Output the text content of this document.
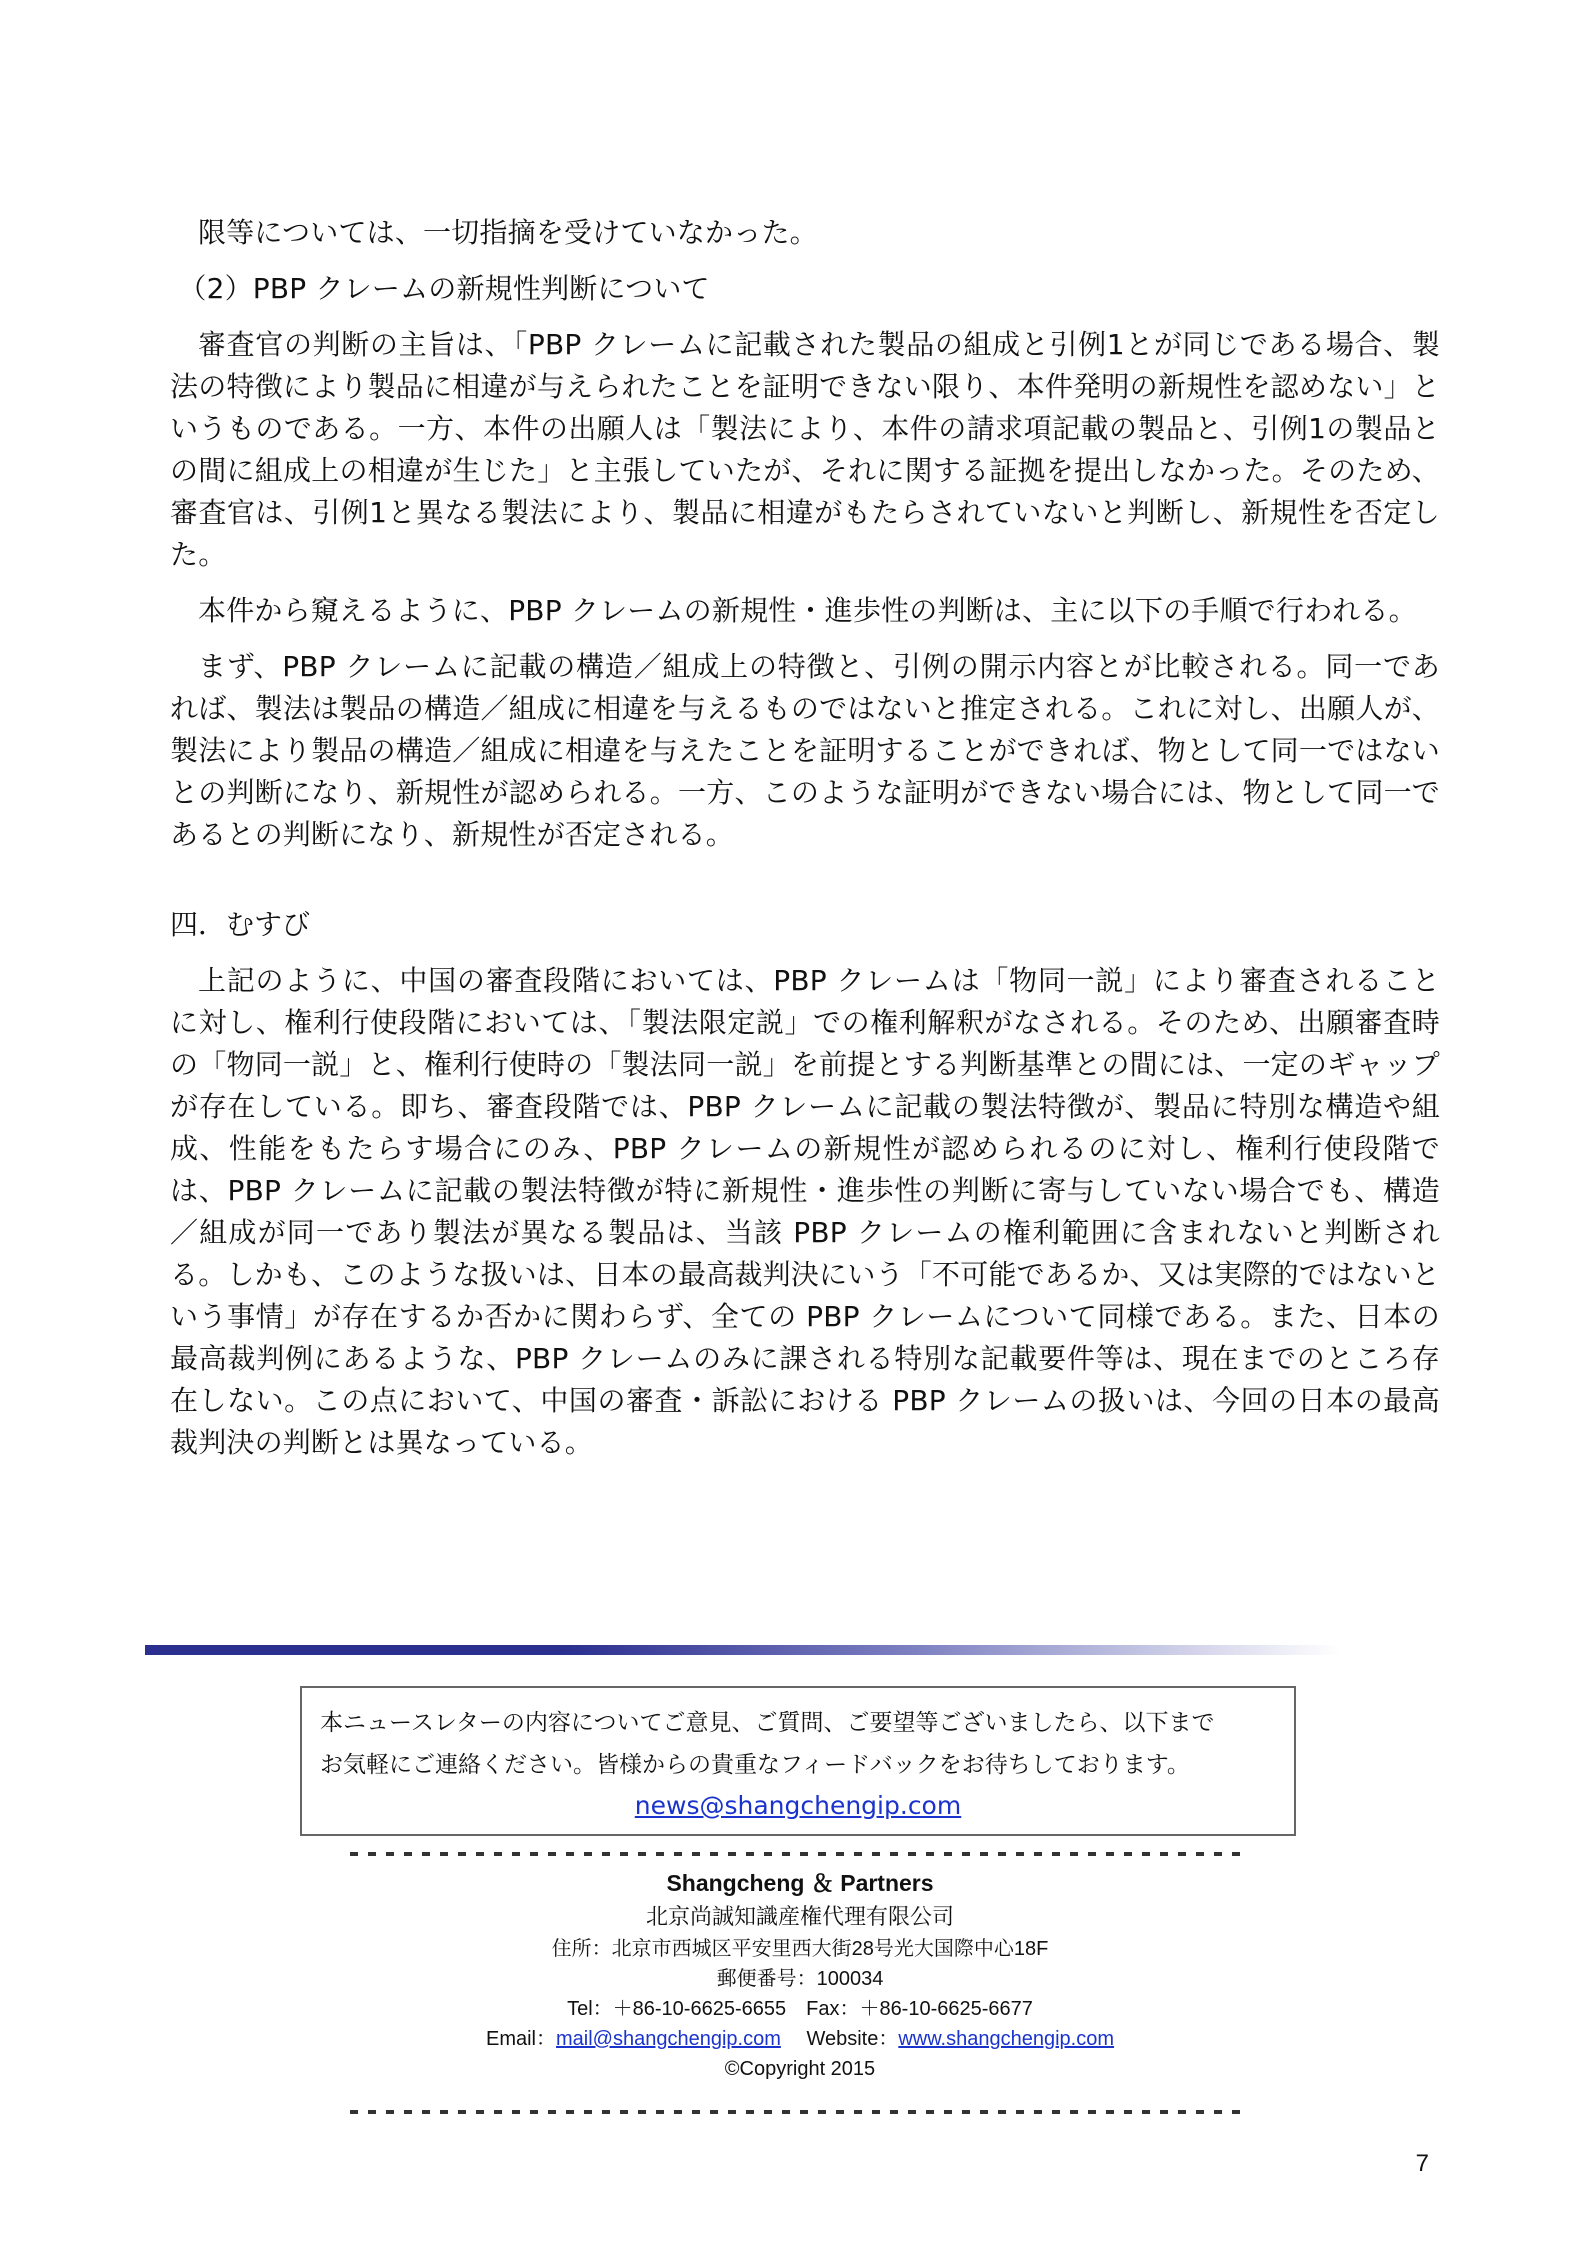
限等については、一切指摘を受けていなかった。

（2）PBP クレームの新規性判断について

審査官の判断の主旨は、「PBP クレームに記載された製品の組成と引例1とが同じである場合、製法の特徴により製品に相違が与えられたことを証明できない限り、本件発明の新規性を認めない」というものである。一方、本件の出願人は「製法により、本件の請求項記載の製品と、引例1の製品との間に組成上の相違が生じた」と主張していたが、それに関する証拠を提出しなかった。そのため、審査官は、引例1と異なる製法により、製品に相違がもたらされていないと判断し、新規性を否定した。

本件から窺えるように、PBP クレームの新規性・進歩性の判断は、主に以下の手順で行われる。

まず、PBP クレームに記載の構造／組成上の特徴と、引例の開示内容とが比較される。同一であれば、製法は製品の構造／組成に相違を与えるものではないと推定される。これに対し、出願人が、製法により製品の構造／組成に相違を与えたことを証明することができれば、物として同一ではないとの判断になり、新規性が認められる。一方、このような証明ができない場合には、物として同一であるとの判断になり、新規性が否定される。

四．むすび

上記のように、中国の審査段階においては、PBP クレームは「物同一説」により審査されることに対し、権利行使段階においては、「製法限定説」での権利解釈がなされる。そのため、出願審査時の「物同一説」と、権利行使時の「製法同一説」を前提とする判断基準との間には、一定のギャップが存在している。即ち、審査段階では、PBP クレームに記載の製法特徴が、製品に特別な構造や組成、性能をもたらす場合にのみ、PBP クレームの新規性が認められるのに対し、権利行使段階では、PBP クレームに記載の製法特徴が特に新規性・進歩性の判断に寄与していない場合でも、構造／組成が同一であり製法が異なる製品は、当該 PBP クレームの権利範囲に含まれないと判断される。しかも、このような扱いは、日本の最高裁判決にいう「不可能であるか、又は実際的ではないという事情」が存在するか否かに関わらず、全ての PBP クレームについて同様である。また、日本の最高裁判例にあるような、PBP クレームのみに課される特別な記載要件等は、現在までのところ存在しない。この点において、中国の審査・訴訟における PBP クレームの扱いは、今回の日本の最高裁判決の判断とは異なっている。

本ニュースレターの内容についてご意見、ご質問、ご要望等ございましたら、以下まで

お気軽にご連絡ください。皆様からの貴重なフィードバックをお待ちしております。

news@shangchengip.com
Shangcheng ＆ Partners
北京尚誠知識産権代理有限公司
住所：北京市西城区平安里西大街28号光大国際中心18F
郵便番号：100034
Tel：＋86-10-6625-6655　Fax：＋86-10-6625-6677
Email：mail@shangchengip.com　 Website：www.shangchengip.com
©Copyright 2015
7
